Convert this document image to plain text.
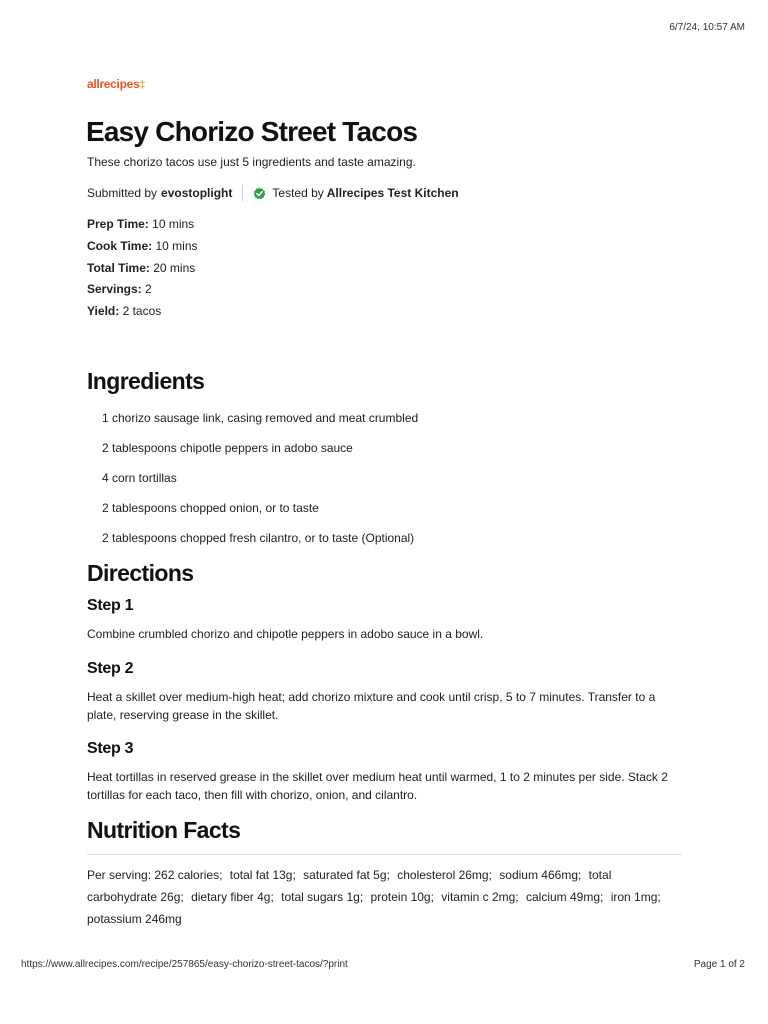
6/7/24, 10:57 AM
allrecipes‡
Easy Chorizo Street Tacos
These chorizo tacos use just 5 ingredients and taste amazing.
Submitted by evostoplight	Tested by Allrecipes Test Kitchen
Prep Time: 10 mins
Cook Time: 10 mins
Total Time: 20 mins
Servings: 2
Yield: 2 tacos
Ingredients
1 chorizo sausage link, casing removed and meat crumbled
2 tablespoons chipotle peppers in adobo sauce
4 corn tortillas
2 tablespoons chopped onion, or to taste
2 tablespoons chopped fresh cilantro, or to taste (Optional)
Directions
Step 1

Combine crumbled chorizo and chipotle peppers in adobo sauce in a bowl.

Step 2

Heat a skillet over medium-high heat; add chorizo mixture and cook until crisp, 5 to 7 minutes. Transfer to a plate, reserving grease in the skillet.

Step 3

Heat tortillas in reserved grease in the skillet over medium heat until warmed, 1 to 2 minutes per side. Stack 2 tortillas for each taco, then fill with chorizo, onion, and cilantro.

Nutrition Facts

Per serving: 262 calories; total fat 13g; saturated fat 5g; cholesterol 26mg; sodium 466mg; total carbohydrate 26g; dietary fiber 4g; total sugars 1g; protein 10g; vitamin c 2mg; calcium 49mg; iron 1mg; potassium 246mg

https://www.allrecipes.com/recipe/257865/easy-chorizo-street-tacos/?print	Page 1 of 2
